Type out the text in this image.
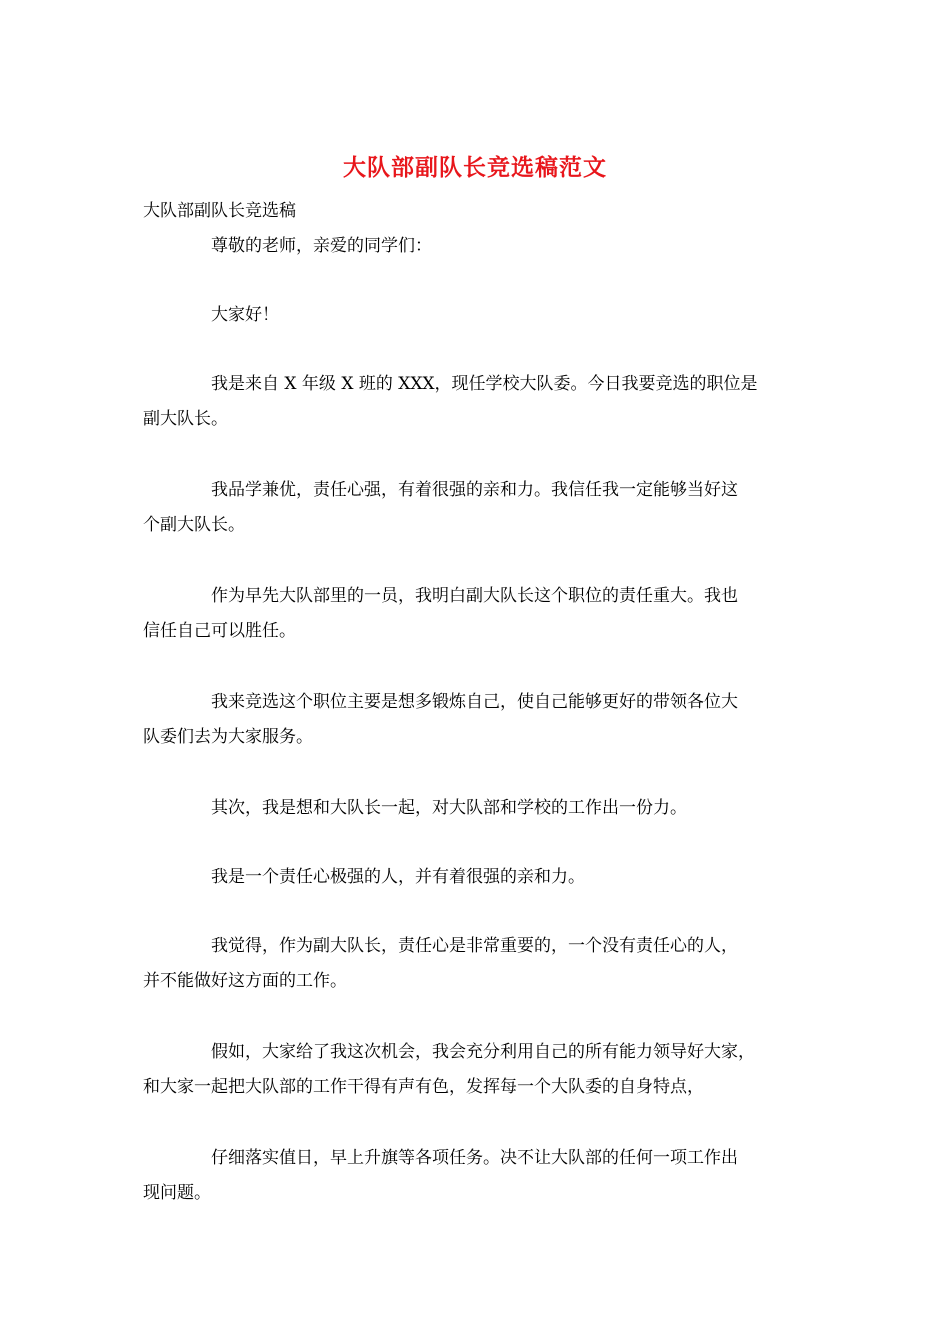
大队部副队长竞选稿范文
大队部副队长竞选稿
尊敬的老师，亲爱的同学们：
大家好！
我是来自 X 年级 X 班的 XXX，现任学校大队委。今日我要竞选的职位是
副大队长。
我品学兼优，责任心强，有着很强的亲和力。我信任我一定能够当好这
个副大队长。
作为早先大队部里的一员，我明白副大队长这个职位的责任重大。我也
信任自己可以胜任。
我来竞选这个职位主要是想多锻炼自己，使自己能够更好的带领各位大
队委们去为大家服务。
其次，我是想和大队长一起，对大队部和学校的工作出一份力。
我是一个责任心极强的人，并有着很强的亲和力。
我觉得，作为副大队长，责任心是非常重要的，一个没有责任心的人，
并不能做好这方面的工作。
假如，大家给了我这次机会，我会充分利用自己的所有能力领导好大家，
和大家一起把大队部的工作干得有声有色，发挥每一个大队委的自身特点，
仔细落实值日，早上升旗等各项任务。决不让大队部的任何一项工作出
现问题。
